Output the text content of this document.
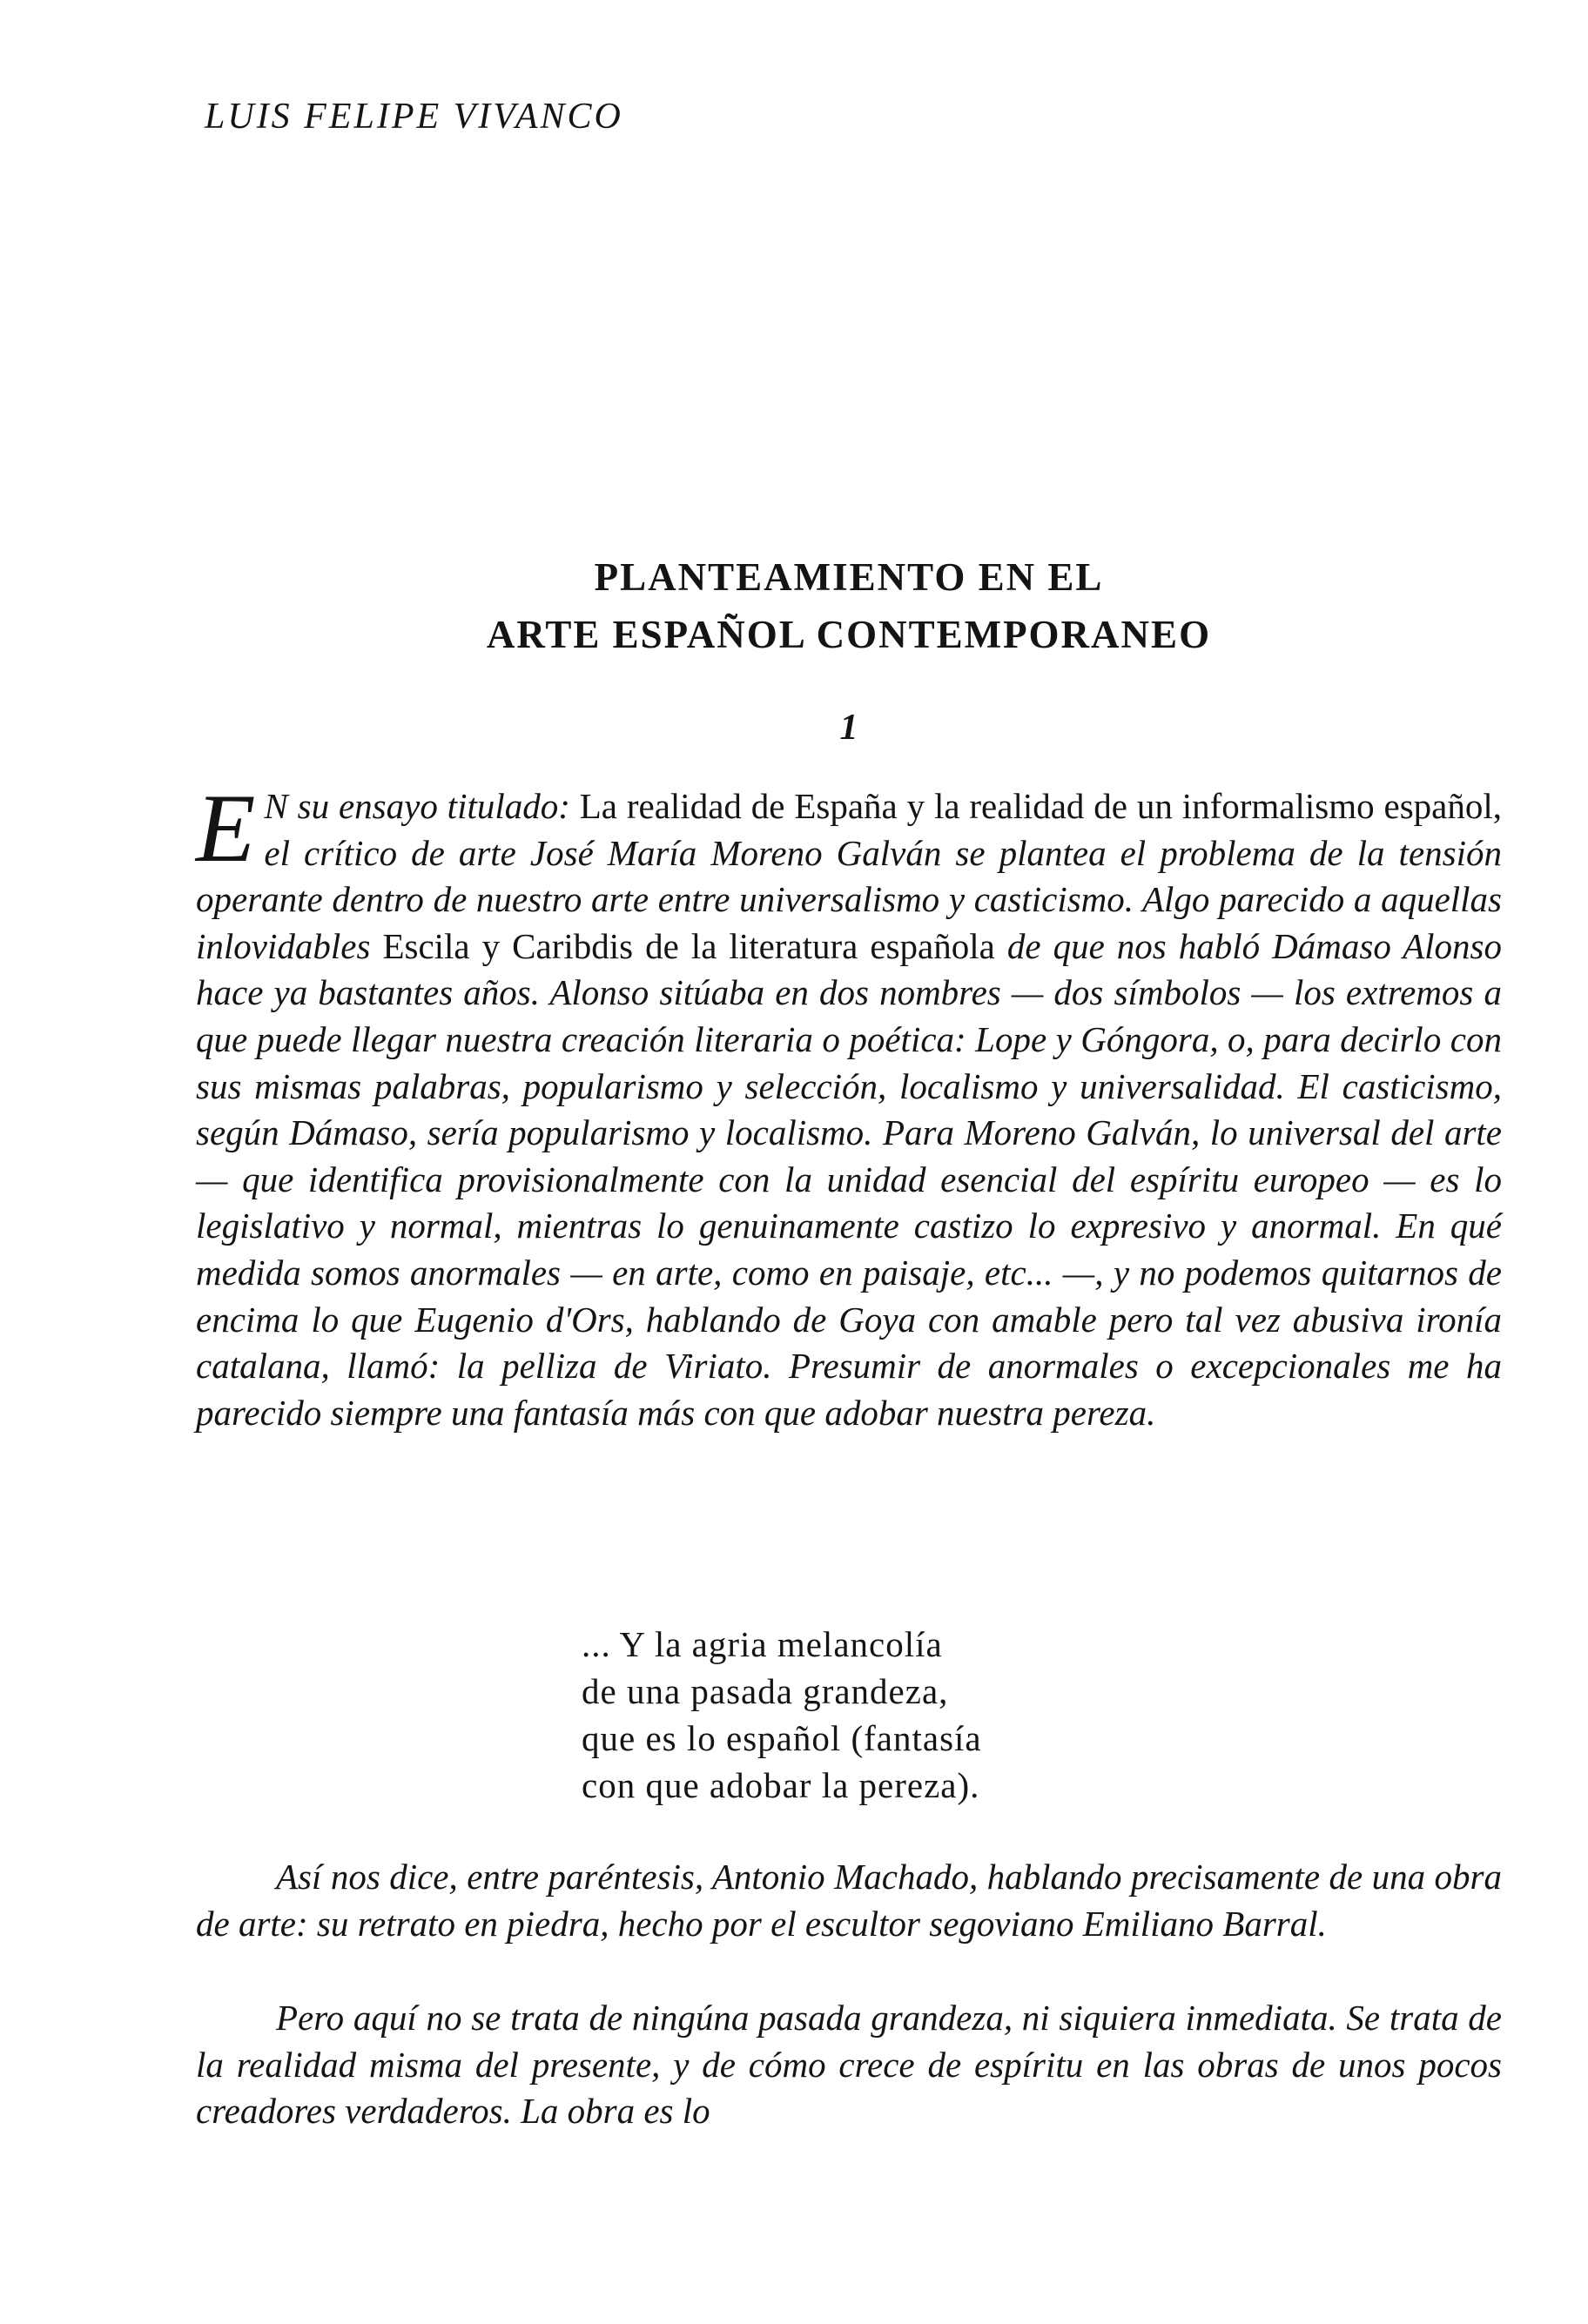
LUIS FELIPE VIVANCO

PLANTEAMIENTO EN EL

ARTE ESPAÑOL CONTEMPORANEO

1

E N su ensayo titulado: La realidad de España y la realidad de un informalismo español, el crítico de arte José María Moreno Galván se plantea el problema de la tensión operante dentro de nuestro arte entre universalismo y casticismo. Algo parecido a aquellas inlovidables Escila y Caribdis de la literatura española de que nos habló Dámaso Alonso hace ya bastantes años. Alonso sitúaba en dos nombres — dos símbolos — los extremos a que puede llegar nuestra creación literaria o poética: Lope y Góngora, o, para decirlo con sus mismas palabras, popularismo y selección, localismo y universalidad. El casticismo, según Dámaso, sería popularismo y localismo. Para Moreno Galván, lo universal del arte — que identifica provisionalmente con la unidad esencial del espíritu europeo — es lo legislativo y normal, mientras lo genuinamente castizo lo expresivo y anormal. En qué medida somos anormales — en arte, como en paisaje, etc... —, y no podemos quitarnos de encima lo que Eugenio d'Ors, hablando de Goya con amable pero tal vez abusiva ironía catalana, llamó: la pelliza de Viriato. Presumir de anormales o excepcionales me ha parecido siempre una fantasía más con que adobar nuestra pereza.

... Y la agria melancolía

de una pasada grandeza,

que es lo español (fantasía

con que adobar la pereza).

Así nos dice, entre paréntesis, Antonio Machado, hablando precisamente de una obra de arte: su retrato en piedra, hecho por el escultor segoviano Emiliano Barral.

Pero aquí no se trata de ningúna pasada grandeza, ni siquiera inmediata. Se trata de la realidad misma del presente, y de cómo crece de espíritu en las obras de unos pocos creadores verdaderos. La obra es lo
